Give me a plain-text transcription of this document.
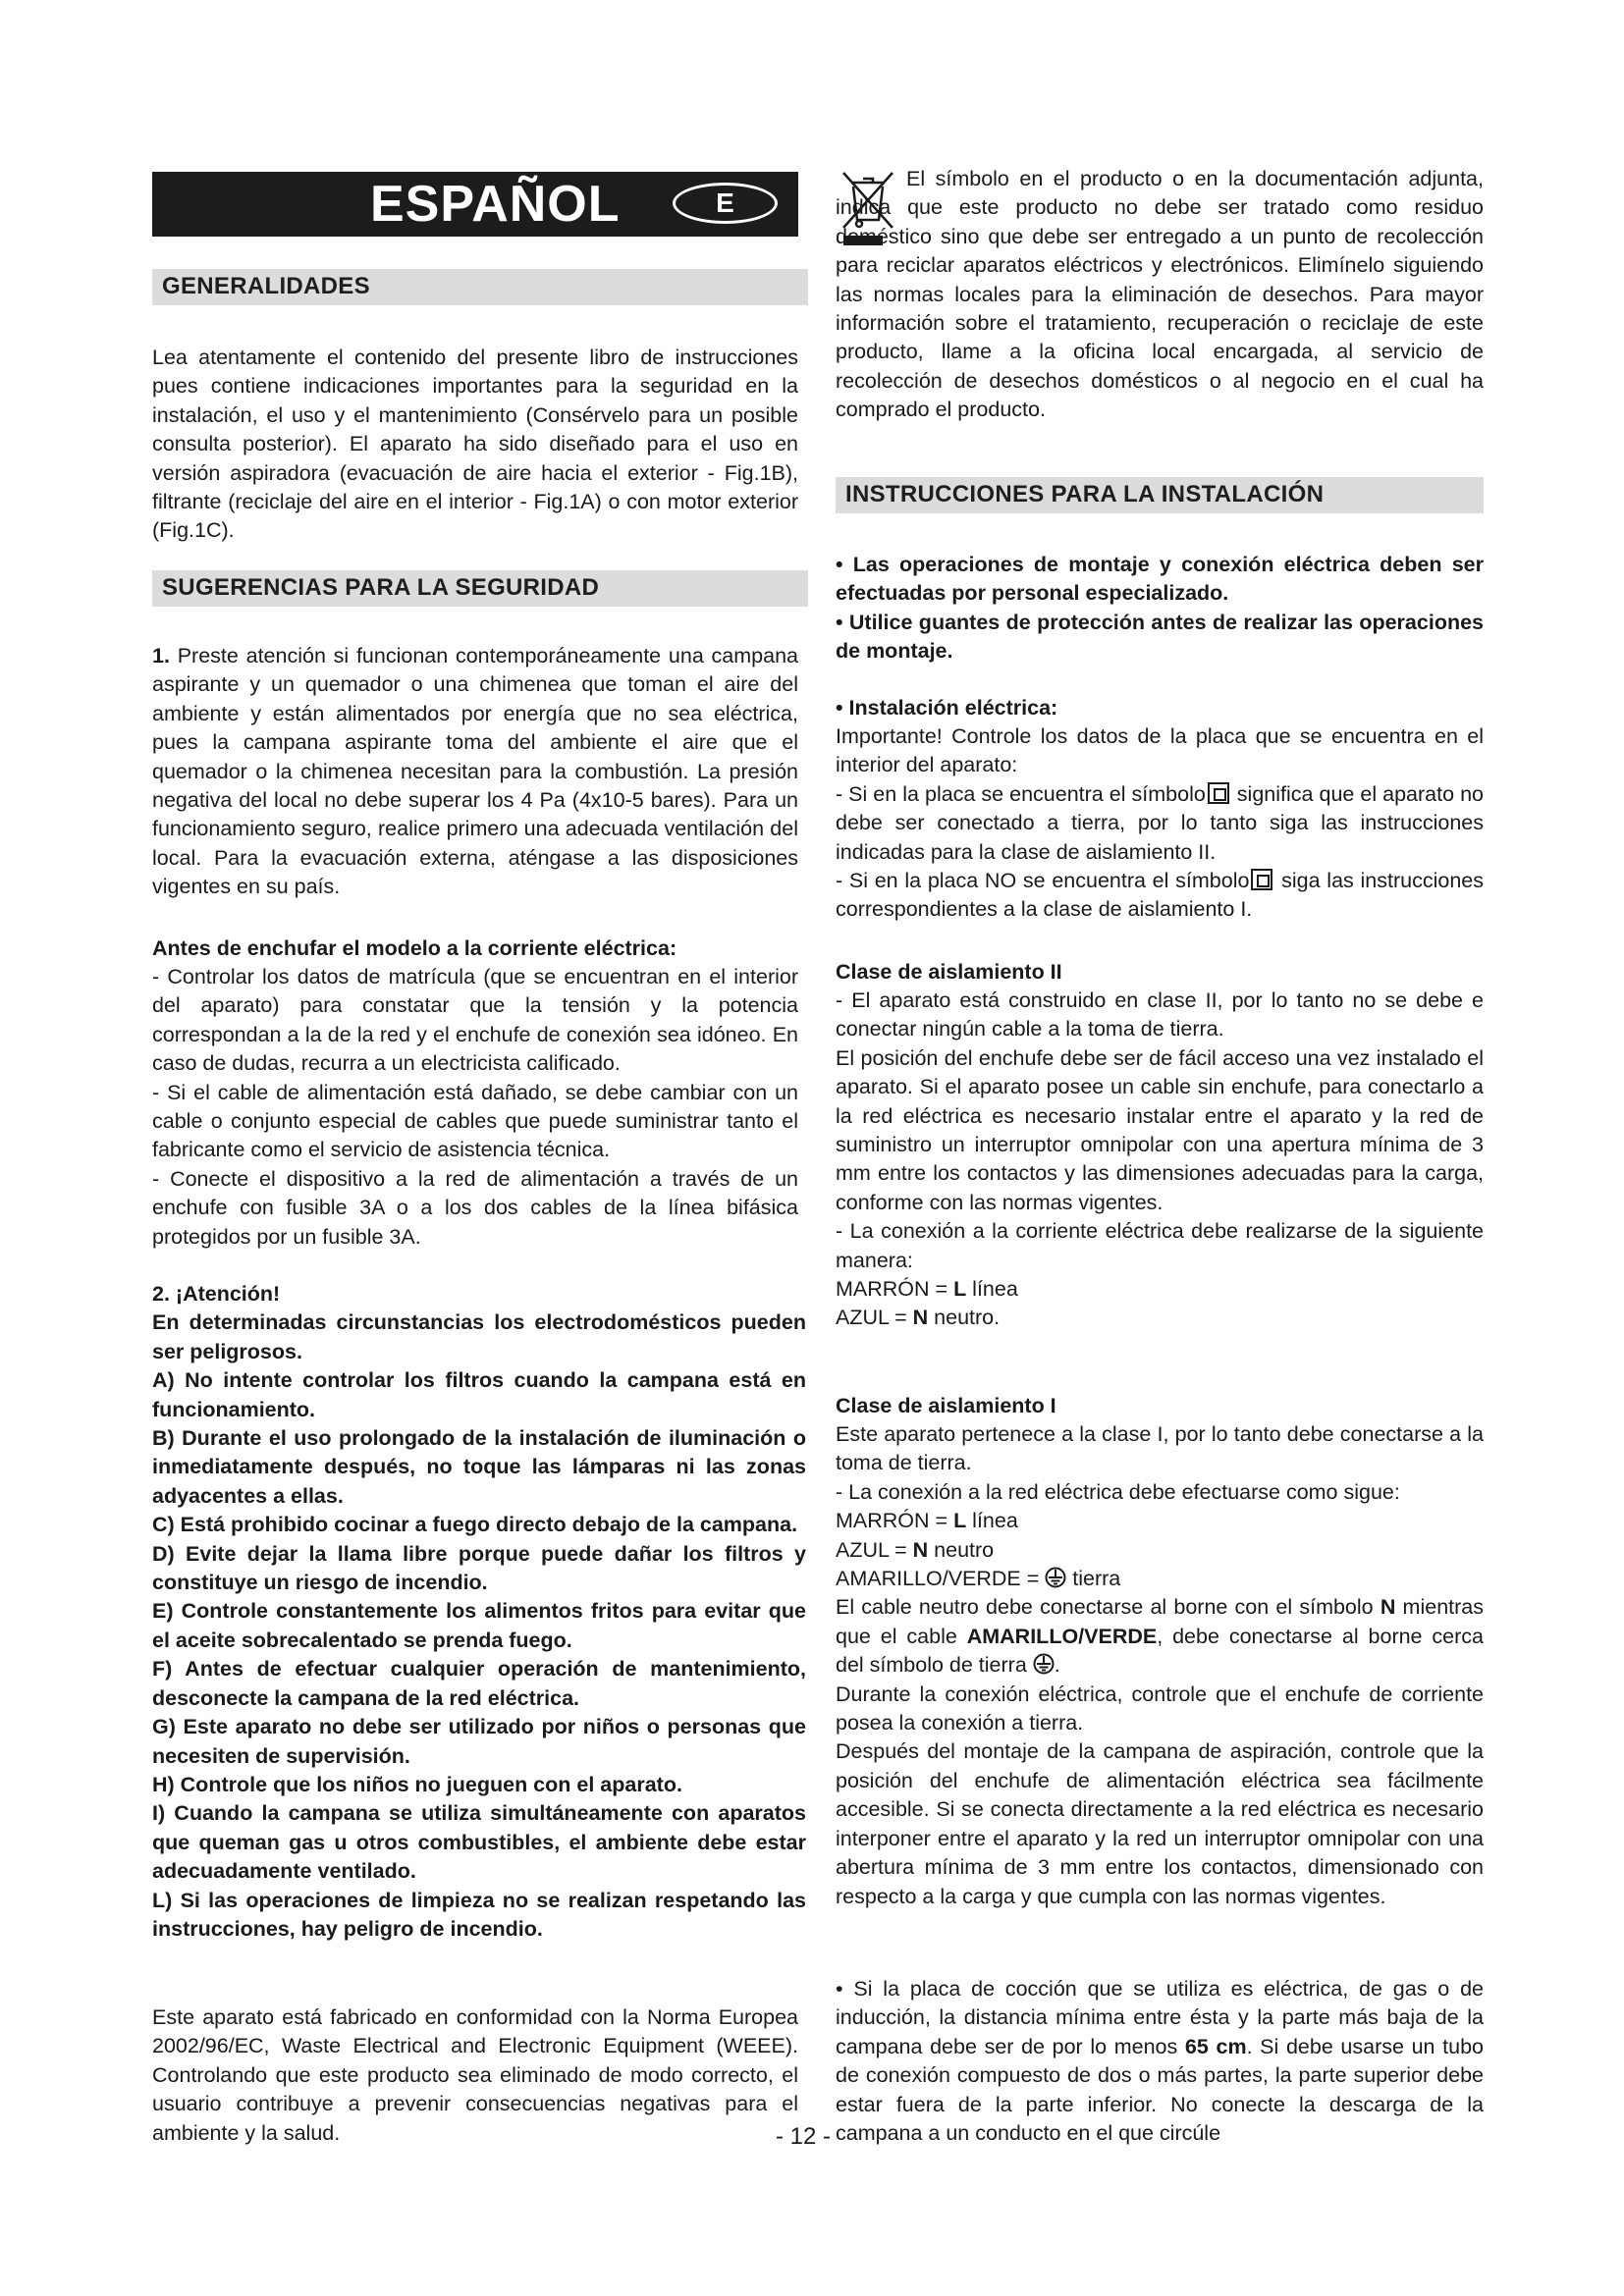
ESPAÑOL	E
GENERALIDADES

Lea atentamente el contenido del presente libro de instrucciones pues contiene indicaciones importantes para la seguridad en la instalación, el uso y el mantenimiento (Consérvelo para un posible consulta posterior). El aparato ha sido diseñado para el uso en versión aspiradora (evacuación de aire hacia el exterior - Fig.1B), filtrante (reciclaje del aire en el interior - Fig.1A) o con motor exterior (Fig.1C).

SUGERENCIAS PARA LA SEGURIDAD

1. Preste atención si funcionan contemporáneamente una campana aspirante y un quemador o una chimenea que toman el aire del ambiente y están alimentados por energía que no sea eléctrica, pues la campana aspirante toma del ambiente el aire que el quemador o la chimenea necesitan para la combustión. La presión negativa del local no debe superar los 4 Pa (4x10-5 bares). Para un funcionamiento seguro, realice primero una adecuada ventilación del local. Para la evacuación externa, aténgase a las disposiciones vigentes en su país.

Antes de enchufar el modelo a la corriente eléctrica:

- Controlar los datos de matrícula (que se encuentran en el interior del aparato) para constatar que la tensión y la potencia correspondan a la de la red y el enchufe de conexión sea idóneo. En caso de dudas, recurra a un electricista calificado.
- Si el cable de alimentación está dañado, se debe cambiar con un cable o conjunto especial de cables que puede suministrar tanto el fabricante como el servicio de asistencia técnica.
- Conecte el dispositivo a la red de alimentación a través de un enchufe con fusible 3A o a los dos cables de la línea bifásica protegidos por un fusible 3A.

2. ¡Atención!
En determinadas circunstancias los electrodomésticos pueden ser peligrosos.
A) No intente controlar los filtros cuando la campana está en funcionamiento.
B) Durante el uso prolongado de la instalación de iluminación o inmediatamente después, no toque las lámparas ni las zonas adyacentes a ellas.
C) Está prohibido cocinar a fuego directo debajo de la campana.
D) Evite dejar la llama libre porque puede dañar los filtros y constituye un riesgo de incendio.
E) Controle constantemente los alimentos fritos para evitar que el aceite sobrecalentado se prenda fuego.
F) Antes de efectuar cualquier operación de mantenimiento, desconecte la campana de la red eléctrica.
G) Este aparato no debe ser utilizado por niños o personas que necesiten de supervisión.
H) Controle que los niños no jueguen con el aparato.
I) Cuando la campana se utiliza simultáneamente con aparatos que queman gas u otros combustibles, el ambiente debe estar adecuadamente ventilado.
L) Si las operaciones de limpieza no se realizan respetando las instrucciones, hay peligro de incendio.

Este aparato está fabricado en conformidad con la Norma Europea 2002/96/EC, Waste Electrical and Electronic Equipment (WEEE). Controlando que este producto sea eliminado de modo correcto, el usuario contribuye a prevenir consecuencias negativas para el ambiente y la salud.

El símbolo en el producto o en la documentación adjunta, indica que este producto no debe ser tratado como residuo doméstico sino que debe ser entregado a un punto de recolección para reciclar aparatos eléctricos y electrónicos. Elimínelo siguiendo las normas locales para la eliminación de desechos. Para mayor información sobre el tratamiento, recuperación o reciclaje de este producto, llame a la oficina local encargada, al servicio de recolección de desechos domésticos o al negocio en el cual ha comprado el producto.

INSTRUCCIONES PARA LA INSTALACIÓN

• Las operaciones de montaje y conexión eléctrica deben ser efectuadas por personal especializado.
• Utilice guantes de protección antes de realizar las operaciones de montaje.

• Instalación eléctrica:

Importante! Controle los datos de la placa que se encuentra en el interior del aparato:
- Si en la placa se encuentra el símbolo significa que el aparato no debe ser conectado a tierra, por lo tanto siga las instrucciones indicadas para la clase de aislamiento II.
- Si en la placa NO se encuentra el símbolo siga las instrucciones correspondientes a la clase de aislamiento I.

Clase de aislamiento II

- El aparato está construido en clase II, por lo tanto no se debe e conectar ningún cable a la toma de tierra.
El posición del enchufe debe ser de fácil acceso una vez instalado el aparato. Si el aparato posee un cable sin enchufe, para conectarlo a la red eléctrica es necesario instalar entre el aparato y la red de suministro un interruptor omnipolar con una apertura mínima de 3 mm entre los contactos y las dimensiones adecuadas para la carga, conforme con las normas vigentes.
- La conexión a la corriente eléctrica debe realizarse de la siguiente manera:
MARRÓN = L línea
AZUL = N neutro.

Clase de aislamiento I

Este aparato pertenece a la clase I, por lo tanto debe conectarse a la toma de tierra.
- La conexión a la red eléctrica debe efectuarse como sigue:
MARRÓN = L línea
AZUL = N neutro
AMARILLO/VERDE =  tierra
El cable neutro debe conectarse al borne con el símbolo N mientras que el cable AMARILLO/VERDE, debe conectarse al borne cerca del símbolo de tierra .
Durante la conexión eléctrica, controle que el enchufe de corriente posea la conexión a tierra.
Después del montaje de la campana de aspiración, controle que la posición del enchufe de alimentación eléctrica sea fácilmente accesible. Si se conecta directamente a la red eléctrica es necesario interponer entre el aparato y la red un interruptor omnipolar con una abertura mínima de 3 mm entre los contactos, dimensionado con respecto a la carga y que cumpla con las normas vigentes.

• Si la placa de cocción que se utiliza es eléctrica, de gas o de inducción, la distancia mínima entre ésta y la parte más baja de la campana debe ser de por lo menos 65 cm. Si debe usarse un tubo de conexión compuesto de dos o más partes, la parte superior debe estar fuera de la parte inferior. No conecte la descarga de la campana a un conducto en el que circúle

- 12 -
